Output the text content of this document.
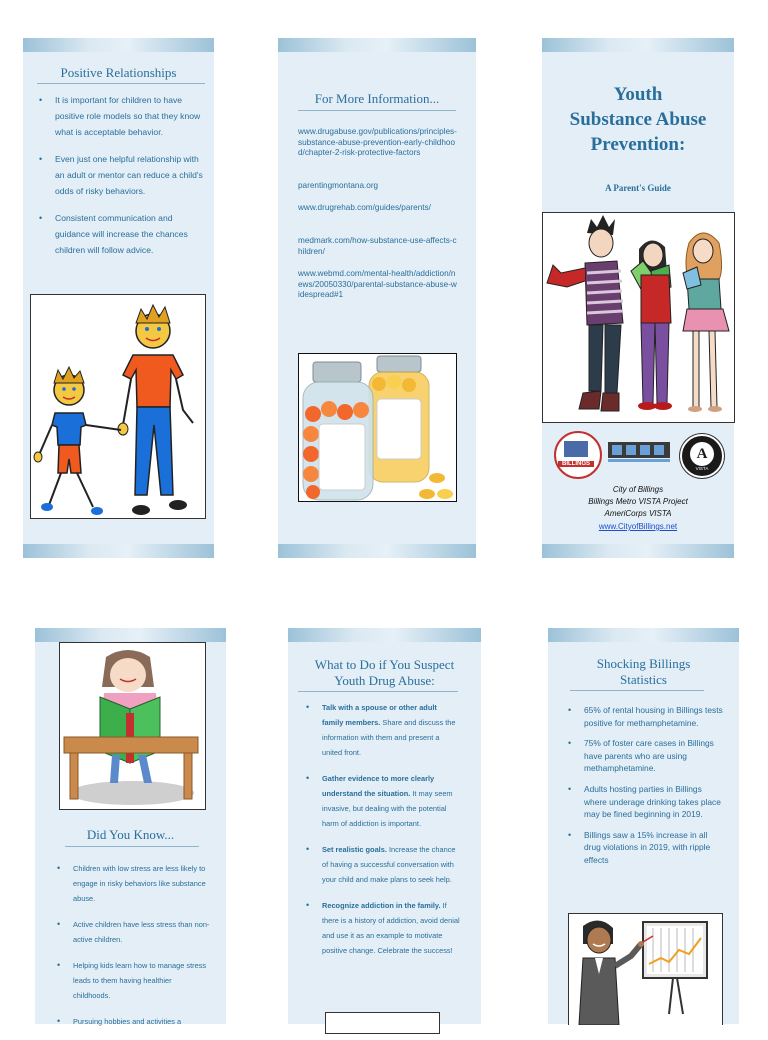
Positive Relationships
• It is important for children to have positive role models so that they know what is acceptable behavior.
• Even just one helpful relationship with an adult or mentor can reduce a child's odds of risky behaviors.
• Consistent communication and guidance will increase the chances children will follow advice.
For More Information...
www.drugabuse.gov/publications/principles-substance-abuse-prevention-early-childhood/chapter-2-risk-protective-factors
parentingmontana.org
www.drugrehab.com/guides/parents/
medmark.com/how-substance-use-affects-children/
www.webmd.com/mental-health/addiction/news/20050330/parental-substance-abuse-widespread#1
Youth
Substance Abuse
Prevention:
A Parent's Guide
BILLINGS
A
VISTA
City of Billings
Billings Metro VISTA Project
AmeriCorps VISTA
www.CityofBillings.net
Did You Know...
• Children with low stress are less likely to engage in risky behaviors like substance abuse.
• Active children have less stress than non-active children.
• Helping kids learn how to manage stress leads to them having healthier childhoods.
• Pursuing hobbies and activities a
What to Do if You Suspect
Youth Drug Abuse:
• Talk with a spouse or other adult family members. Share and discuss the information with them and present a united front.
• Gather evidence to more clearly understand the situation. It may seem invasive, but dealing with the potential harm of addiction is important.
• Set realistic goals. Increase the chance of having a successful conversation with your child and make plans to seek help.
• Recognize addiction in the family. If there is a history of addiction, avoid denial and use it as an example to motivate positive change. Celebrate the success!
Shocking Billings
Statistics
• 65% of rental housing in Billings tests positive for methamphetamine.
• 75% of foster care cases in Billings have parents who are using methamphetamine.
• Adults hosting parties in Billings where underage drinking takes place may be fined beginning in 2019.
• Billings saw a 15% increase in all drug violations in 2019, with ripple effects
